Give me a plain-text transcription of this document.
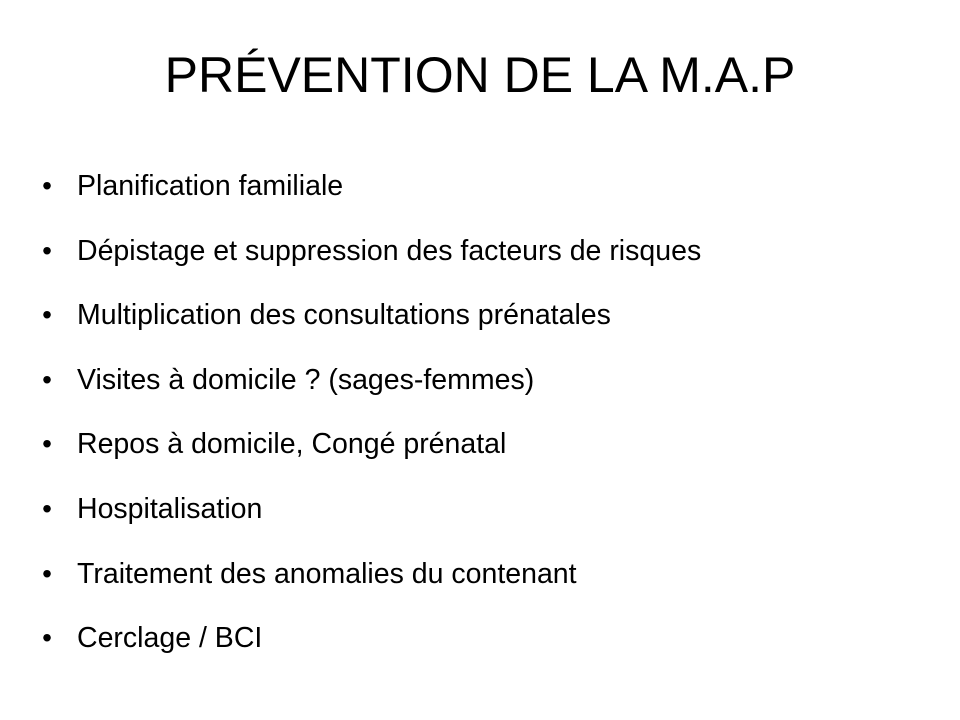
PRÉVENTION DE LA M.A.P
• Planification familiale
• Dépistage et suppression des facteurs de risques
• Multiplication des consultations prénatales
• Visites à domicile ? (sages-femmes)
• Repos à domicile, Congé prénatal
• Hospitalisation
• Traitement des anomalies du contenant
• Cerclage / BCI
